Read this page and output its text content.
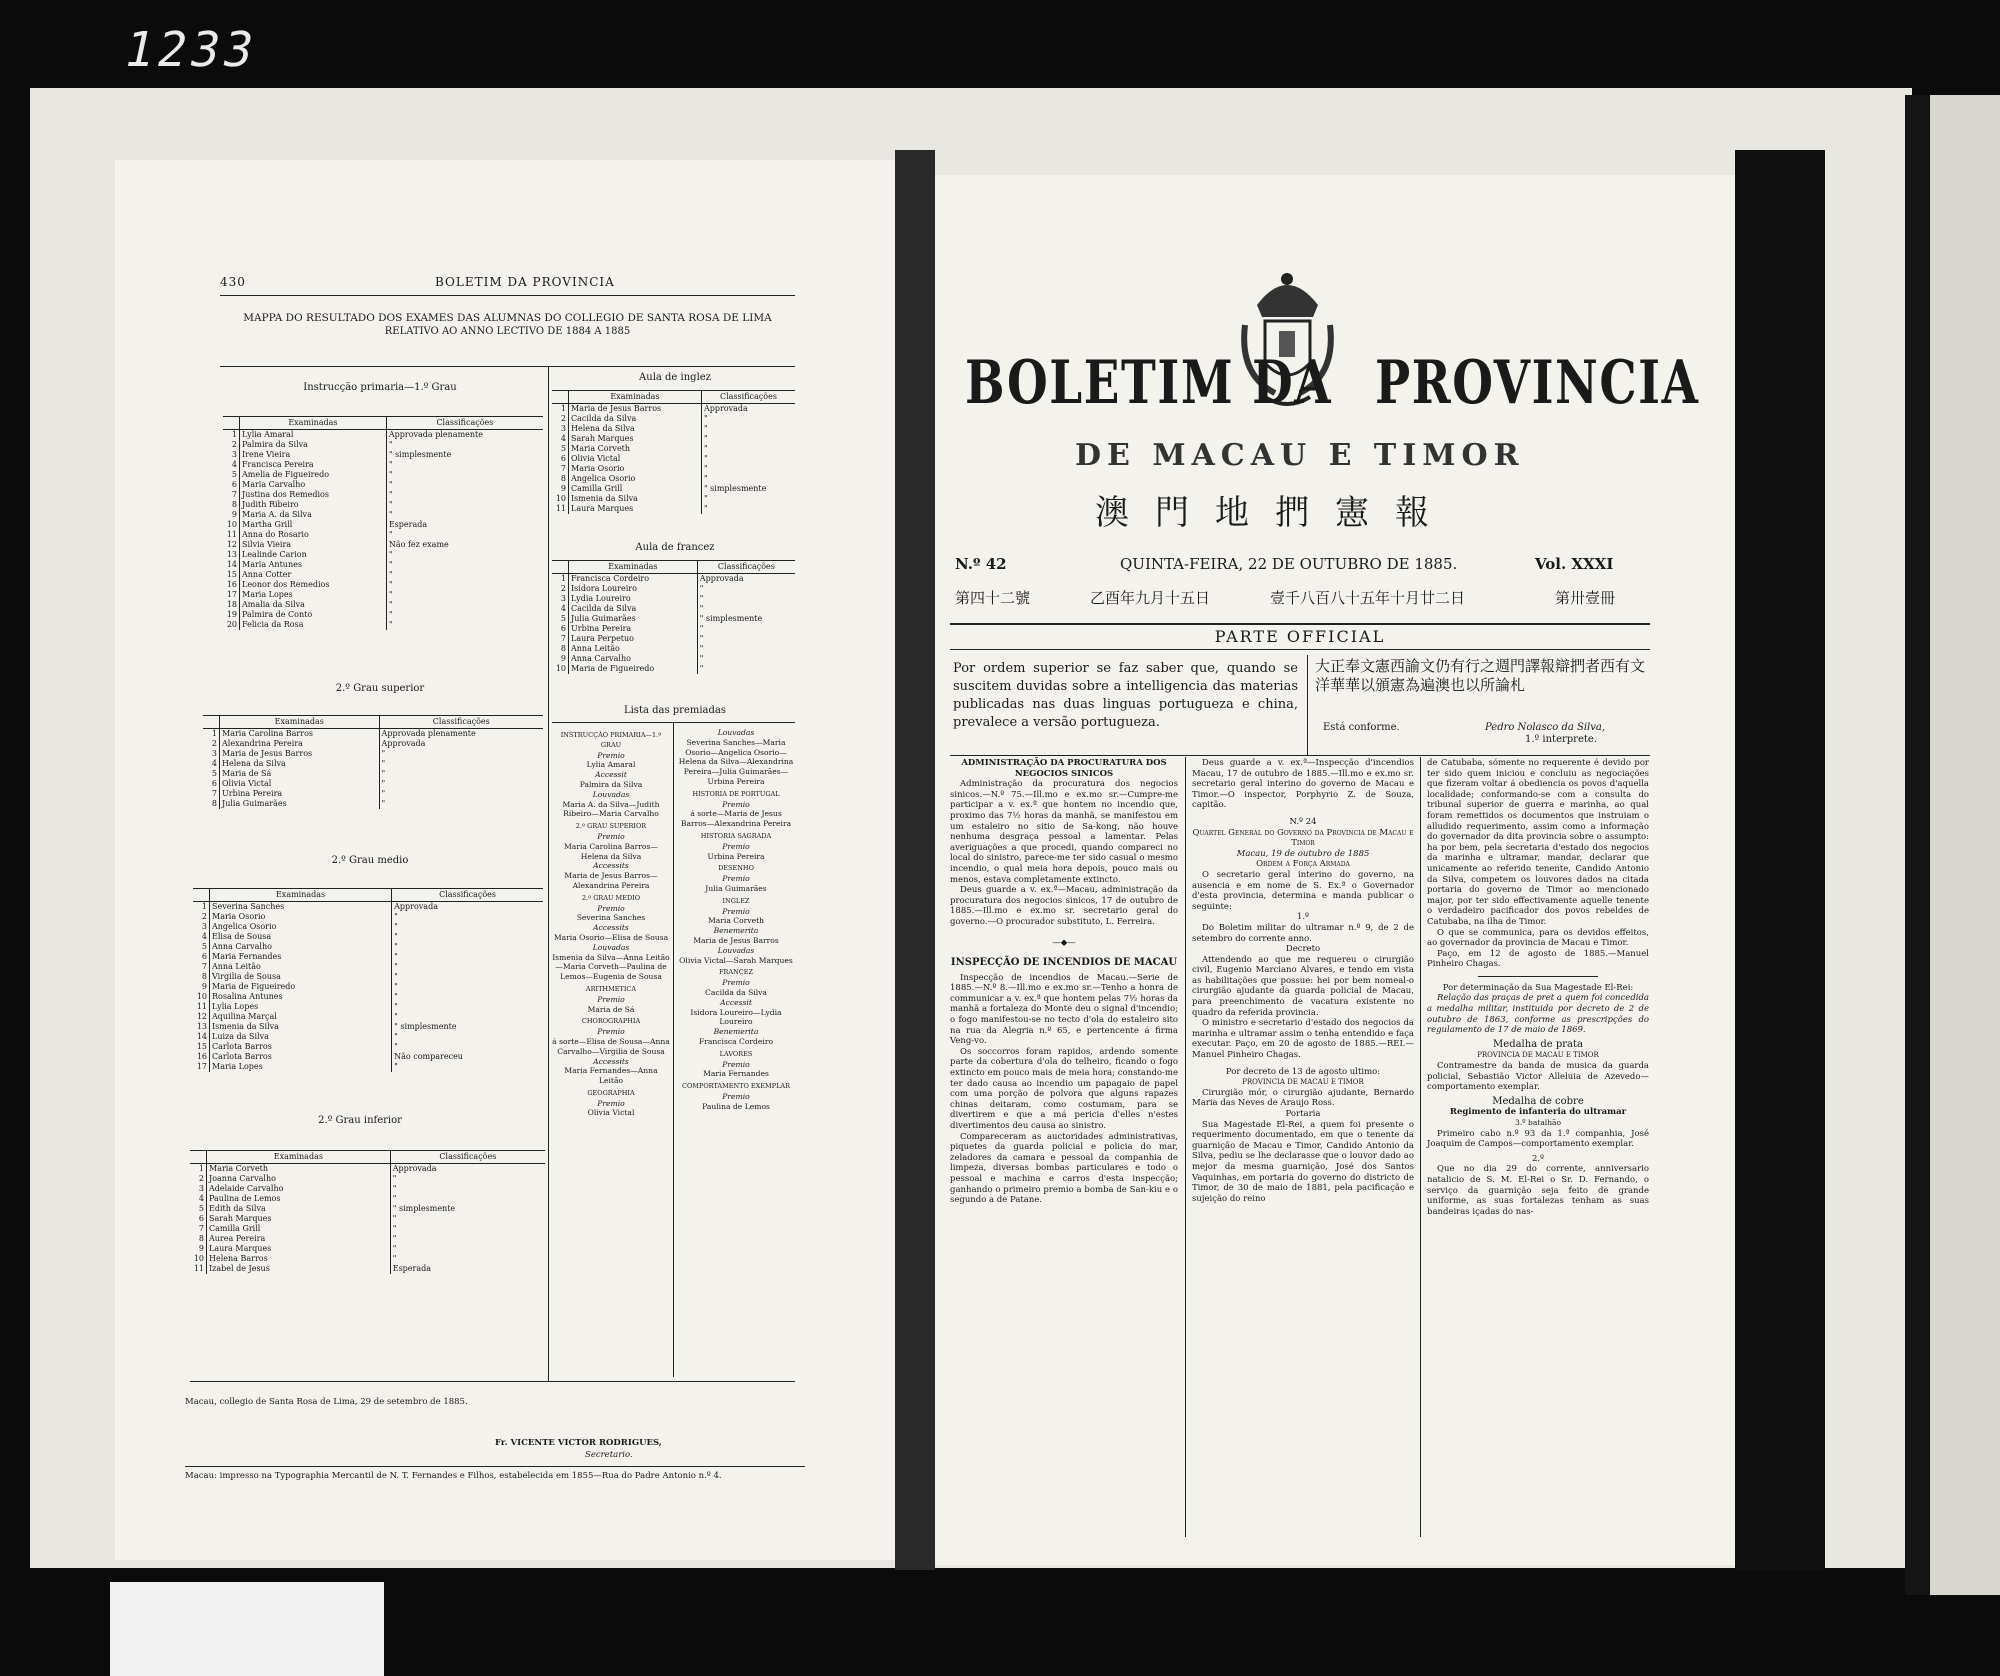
1233
430	BOLETIM DA PROVINCIA
MAPPA DO RESULTADO DOS EXAMES DAS ALUMNAS DO COLLEGIO DE SANTA ROSA DE LIMA
RELATIVO AO ANNO LECTIVO DE 1884 A 1885
Instrucção primaria—1.º Grau
	Examinadas	Classificações
1	Lylia Amaral	Approvada plenamente
2	Palmira da Silva	"
3	Irene Vieira	" simplesmente
4	Francisca Pereira	"
5	Amelia de Figueiredo	"
6	Maria Carvalho	"
7	Justina dos Remedios	"
8	Judith Ribeiro	"
9	Maria A. da Silva	"
10	Martha Grill	Esperada
11	Anna do Rosario	"
12	Silvia Vieira	Não fez exame
13	Lealinde Carion	"
14	Maria Antunes	"
15	Anna Cotter	"
16	Leonor dos Remedios	"
17	Maria Lopes	"
18	Amalia da Silva	"
19	Palmira de Conto	"
20	Felicia da Rosa	"
2.º Grau superior
	Examinadas	Classificações
1	Maria Carolina Barros	Approvada plenamente
2	Alexandrina Pereira	Approvada
3	Maria de Jesus Barros	"
4	Helena da Silva	"
5	Maria de Sá	"
6	Olivia Victal	"
7	Urbina Pereira	"
8	Julia Guimarães	"
2.º Grau medio
	Examinadas	Classificações
1	Severina Sanches	Approvada
2	Maria Osorio	"
3	Angelica Osorio	"
4	Elisa de Sousa	"
5	Anna Carvalho	"
6	Maria Fernandes	"
7	Anna Leitão	"
8	Virgilia de Sousa	"
9	Maria de Figueiredo	"
10	Rosalina Antunes	"
11	Lylia Lopes	"
12	Aquilina Marçal	"
13	Ismenia da Silva	" simplesmente
14	Luiza da Silva	"
15	Carlota Barros	"
16	Carlota Barros	Não compareceu
17	Maria Lopes	"
2.º Grau inferior
	Examinadas	Classificações
1	Maria Corveth	Approvada
2	Joanna Carvalho	"
3	Adelaide Carvalho	"
4	Paulina de Lemos	"
5	Edith da Silva	" simplesmente
6	Sarah Marques	"
7	Camilla Grill	"
8	Aurea Pereira	"
9	Laura Marques	"
10	Helena Barros	"
11	Izabel de Jesus	Esperada
Aula de inglez
	Examinadas	Classificações
1	Maria de Jesus Barros	Approvada
2	Cacilda da Silva	"
3	Helena da Silva	"
4	Sarah Marques	"
5	Maria Corveth	"
6	Olivia Victal	"
7	Maria Osorio	"
8	Angelica Osorio	"
9	Camilla Grill	" simplesmente
10	Ismenia da Silva	"
11	Laura Marques	"
Aula de francez
	Examinadas	Classificações
1	Francisca Cordeiro	Approvada
2	Isidora Loureiro	"
3	Lydia Loureiro	"
4	Cacilda da Silva	"
5	Julia Guimarães	" simplesmente
6	Urbina Pereira	"
7	Laura Perpetuo	"
8	Anna Leitão	"
9	Anna Carvalho	"
10	Maria de Figueiredo	"
Lista das premiadas
INSTRUCÇÃO PRIMARIA—1.º GRAU
Premio
Lylia Amaral
Accessit
Palmira da Silva
Louvadas
Maria A. da Silva—Judith Ribeiro—Maria Carvalho
2.º GRAU SUPERIOR
Premio
Maria Carolina Barros—Helena da Silva
Accessits
Maria de Jesus Barros—Alexandrina Pereira
2.º GRAU MEDIO
Premio
Severina Sanches
Accessits
Maria Osorio—Elisa de Sousa
Louvadas
Ismenia da Silva—Anna Leitão—Maria Corveth—Paulina de Lemos—Eugenia de Sousa
ARITHMETICA
Premio
Maria de Sá
CHOROGRAPHIA
Premio
á sorte—Elisa de Sousa—Anna Carvalho—Virgilia de Sousa
Accessits
Maria Fernandes—Anna Leitão
GEOGRAPHIA
Premio
Olivia Victal
Louvadas
Severina Sanches—Maria Osorio—Angelica Osorio—Helena da Silva—Alexandrina Pereira—Julia Guimarães—Urbina Pereira
HISTORIA DE PORTUGAL
Premio
á sorte—Maria de Jesus Barros—Alexandrina Pereira
HISTORIA SAGRADA
Premio
Urbina Pereira
DESENHO
Premio
Julia Guimarães
INGLEZ
Premio
Maria Corveth
Benemerita
Maria de Jesus Barros
Louvadas
Olivia Victal—Sarah Marques
FRANCEZ
Premio
Cacilda da Silva
Accessit
Isidora Loureiro—Lydia Loureiro
Benemerita
Francisca Cordeiro
LAVORES
Premio
Maria Fernandes
COMPORTAMENTO EXEMPLAR
Premio
Paulina de Lemos
Macau, collegio de Santa Rosa de Lima, 29 de setembro de 1885.
Fr. VICENTE VICTOR RODRIGUES,
Secretario.
Macau: impresso na Typographia Mercantil de N. T. Fernandes e Filhos, estabelecida em 1855—Rua do Padre Antonio n.º 4.
BOLETIM DA PROVINCIA
DE MACAU E TIMOR
澳門地捫憲報
N.º 42	QUINTA-FEIRA, 22 DE OUTUBRO DE 1885.	Vol. XXXI
第四十二號	乙酉年九月十五日	壹千八百八十五年十月廿二日	第卅壹冊
PARTE OFFICIAL
Por ordem superior se faz saber que, quando se suscitem duvidas sobre a intelligencia das materias publicadas nas duas linguas portugueza e china, prevalece a versão portugueza.
大正奉文憲西諭文仍有行之週門譯報辯捫者西有文洋華華以頒憲為遍澳也以所論札
Está conforme.	Pedro Nolasco da Silva,
1.º interprete.
ADMINISTRAÇÃO DA PROCURATURA DOS NEGOCIOS SINICOS
Administração da procuratura dos negocios sinicos.—N.º 75.—Ill.mo e ex.mo sr.—Cumpre-me participar a v. ex.ª que hontem no incendio que, proximo das 7½ horas da manhã, se manifestou em um estaleiro no sitio de Sa-kong, não houve nenhuma desgraça pessoal a lamentar. Pelas averiguações a que procedi, quando compareci no local do sinistro, parece-me ter sido casual o mesmo incendio, o qual meia hora depois, pouco mais ou menos, estava completamente extincto.
Deus guarde a v. ex.ª—Macau, administração da procuratura dos negocios sinicos, 17 de outubro de 1885.—Ill.mo e ex.mo sr. secretario geral do governo.—O procurador substituto, L. Ferreira.
—◆—
INSPECÇÃO DE INCENDIOS DE MACAU
Inspecção de incendios de Macau.—Serie de 1885.—N.º 8.—Ill.mo e ex.mo sr.—Tenho a honra de communicar a v. ex.ª que hontem pelas 7½ horas da manhã a fortaleza do Monte deu o signal d'incendio; o fogo manifestou-se no tecto d'ola do estaleiro sito na rua da Alegria n.º 65, e pertencente á firma Veng-vo.
Os soccorros foram rapidos, ardendo somente parte da cobertura d'ola do telheiro, ficando o fogo extincto em pouco mais de meia hora; constando-me ter dado causa ao incendio um papagaio de papel com uma porção de polvora que alguns rapazes chinas deitaram, como costumam, para se divertirem e que a má pericia d'elles n'estes divertimentos deu causa ao sinistro.
Compareceram as auctoridades administrativas, piquetes da guarda policial e policia do mar, zeladores da camara e pessoal da companhia de limpeza, diversas bombas particulares e todo o pessoal e machina e carros d'esta inspecção; ganhando o primeiro premio a bomba de San-kiu e o segundo a de Patane.
Deus guarde a v. ex.ª—Inspecção d'incendios Macau, 17 de outubro de 1885.—Ill.mo e ex.mo sr. secretario geral interino do governo de Macau e Timor.—O inspector, Porphyrio Z. de Souza, capitão.
N.º 24
Quartel General do Governo da Provincia de Macau e Timor
Macau, 19 de outubro de 1885
Ordem á Força Armada
O secretario geral interino do governo, na ausencia e em nome de S. Ex.ª o Governador d'esta provincia, determina e manda publicar o seguinte:
1.º
Do Boletim militar do ultramar n.º 9, de 2 de setembro do corrente anno.
Decreto
Attendendo ao que me requereu o cirurgião civil, Eugenio Marciano Alvares, e tendo em vista as habilitações que possue: hei por bem nomeal-o cirurgião ajudante da guarda policial de Macau, para preenchimento de vacatura existente no quadro da referida provincia.
O ministro e secretario d'estado dos negocios da marinha e ultramar assim o tenha entendido e faça executar. Paço, em 20 de agosto de 1885.—REI.—Manuel Pinheiro Chagas.
Por decreto de 13 de agosto ultimo:
PROVINCIA DE MACAU E TIMOR
Cirurgião mór, o cirurgião ajudante, Bernardo Maria das Neves de Araujo Ross.
Portaria
Sua Magestade El-Rei, a quem foi presente o requerimento documentado, em que o tenente da guarnição de Macau e Timor, Candido Antonio da Silva, pediu se lhe declarasse que o louvor dado ao mejor da mesma guarnição, José dos Santos Vaquinhas, em portaria do governo do districto de Timor, de 30 de maio de 1881, pela pacificação e sujeição do reino
de Catubaba, sómente no requerente é devido por ter sido quem iniciou e concluiu as negociações que fizeram voltar á obediencia os povos d'aquella localidade; conformando-se com a consulta do tribunal superior de guerra e marinha, ao qual foram remettidos os documentos que instruiam o alludido requerimento, assim como a informação do governador da dita provincia sobre o assumpto: ha por bem, pela secretaria d'estado dos negocios da marinha e ultramar, mandar, declarar que unicamente ao referido tenente, Candido Antonio da Silva, competem os louvores dados na citada portaria do governo de Timor ao mencionado major, por ter sido effectivamente aquelle tenente o verdadeiro pacificador dos povos rebeldes de Catubaba, na ilha de Timor.
O que se communica, para os devidos effeitos, ao governador da provincia de Macau e Timor.
Paço, em 12 de agosto de 1885.—Manuel Pinheiro Chagas.
Por determinação da Sua Magestade El-Rei:
Relação das praças de pret a quem foi concedida a medalha militar, instituida por decreto de 2 de outubro de 1863, conforme as prescripções do regulamento de 17 de maio de 1869.
Medalha de prata
PROVINCIA DE MACAU E TIMOR
Contramestre da banda de musica da guarda policial, Sebastião Victor Alleluia de Azevedo—comportamento exemplar.
Medalha de cobre
Regimento de infanteria do ultramar
3.º batalhão
Primeiro cabo n.º 93 da 1.ª companhia, José Joaquim de Campos—comportamento exemplar.
2.º
Que no dia 29 do corrente, anniversario natalicio de S. M. El-Rei o Sr. D. Fernando, o serviço da guarnição seja feito de grande uniforme, as suas fortalezas tenham as suas bandeiras içadas do nas-
